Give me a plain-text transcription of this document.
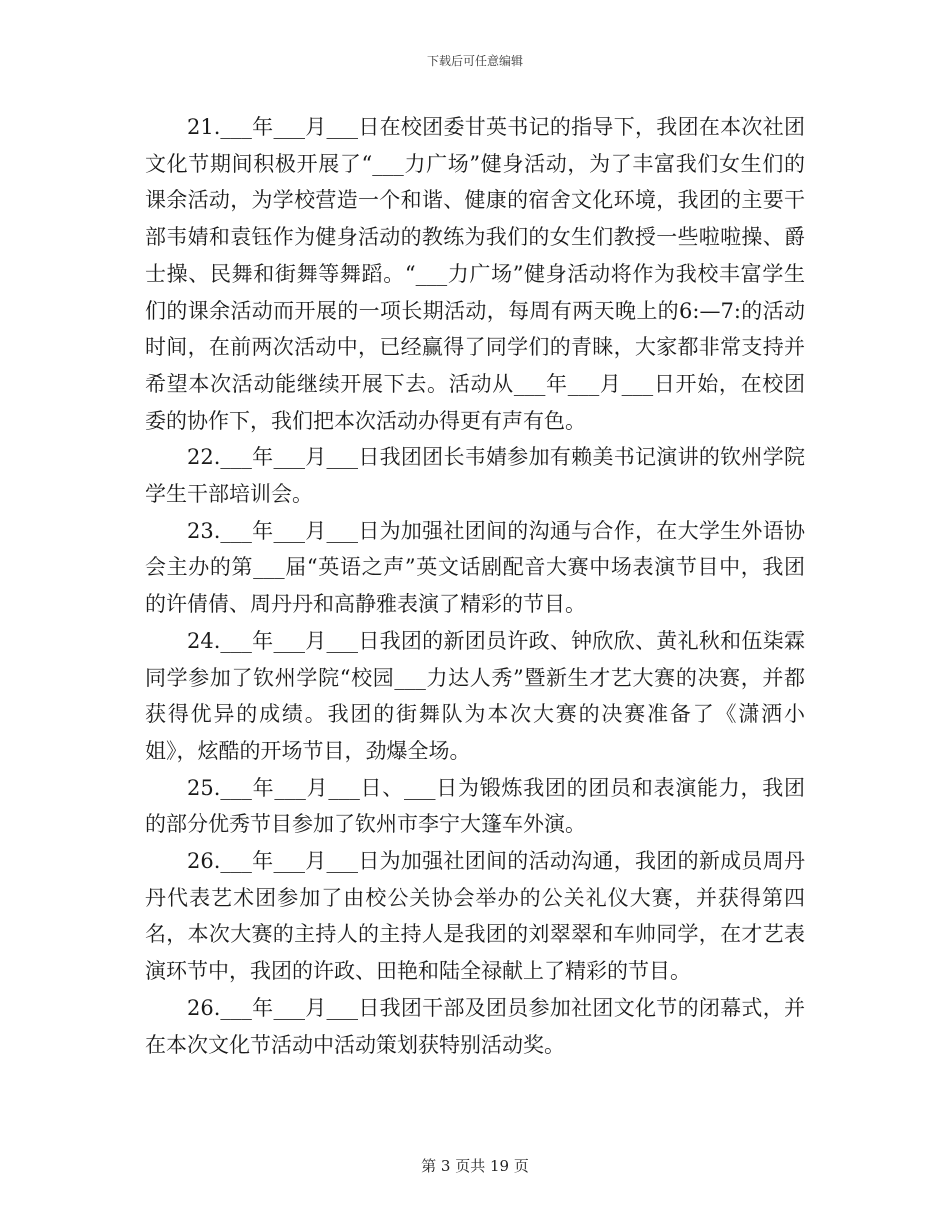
下载后可任意编辑

21.___年___月___日在校团委甘英书记的指导下，我团在本次社团文化节期间积极开展了“___力广场”健身活动，为了丰富我们女生们的课余活动，为学校营造一个和谐、健康的宿舍文化环境，我团的主要干部韦婧和袁钰作为健身活动的教练为我们的女生们教授一些啦啦操、爵士操、民舞和街舞等舞蹈。“___力广场”健身活动将作为我校丰富学生们的课余活动而开展的一项长期活动，每周有两天晚上的6:—7:的活动时间，在前两次活动中，已经赢得了同学们的青睐，大家都非常支持并希望本次活动能继续开展下去。活动从___年___月___日开始，在校团委的协作下，我们把本次活动办得更有声有色。

22.___年___月___日我团团长韦婧参加有赖美书记演讲的钦州学院学生干部培训会。

23.___年___月___日为加强社团间的沟通与合作，在大学生外语协会主办的第___届“英语之声”英文话剧配音大赛中场表演节目中，我团的许倩倩、周丹丹和高静雅表演了精彩的节目。

24.___年___月___日我团的新团员许政、钟欣欣、黄礼秋和伍柒霖同学参加了钦州学院“校园___力达人秀”暨新生才艺大赛的决赛，并都获得优异的成绩。我团的街舞队为本次大赛的决赛准备了《潇洒小姐》，炫酷的开场节目，劲爆全场。

25.___年___月___日、___日为锻炼我团的团员和表演能力，我团的部分优秀节目参加了钦州市李宁大篷车外演。

26.___年___月___日为加强社团间的活动沟通，我团的新成员周丹丹代表艺术团参加了由校公关协会举办的公关礼仪大赛，并获得第四名，本次大赛的主持人的主持人是我团的刘翠翠和车帅同学，在才艺表演环节中，我团的许政、田艳和陆全禄献上了精彩的节目。

26.___年___月___日我团干部及团员参加社团文化节的闭幕式，并在本次文化节活动中活动策划获特别活动奖。

第 3 页共 19 页
